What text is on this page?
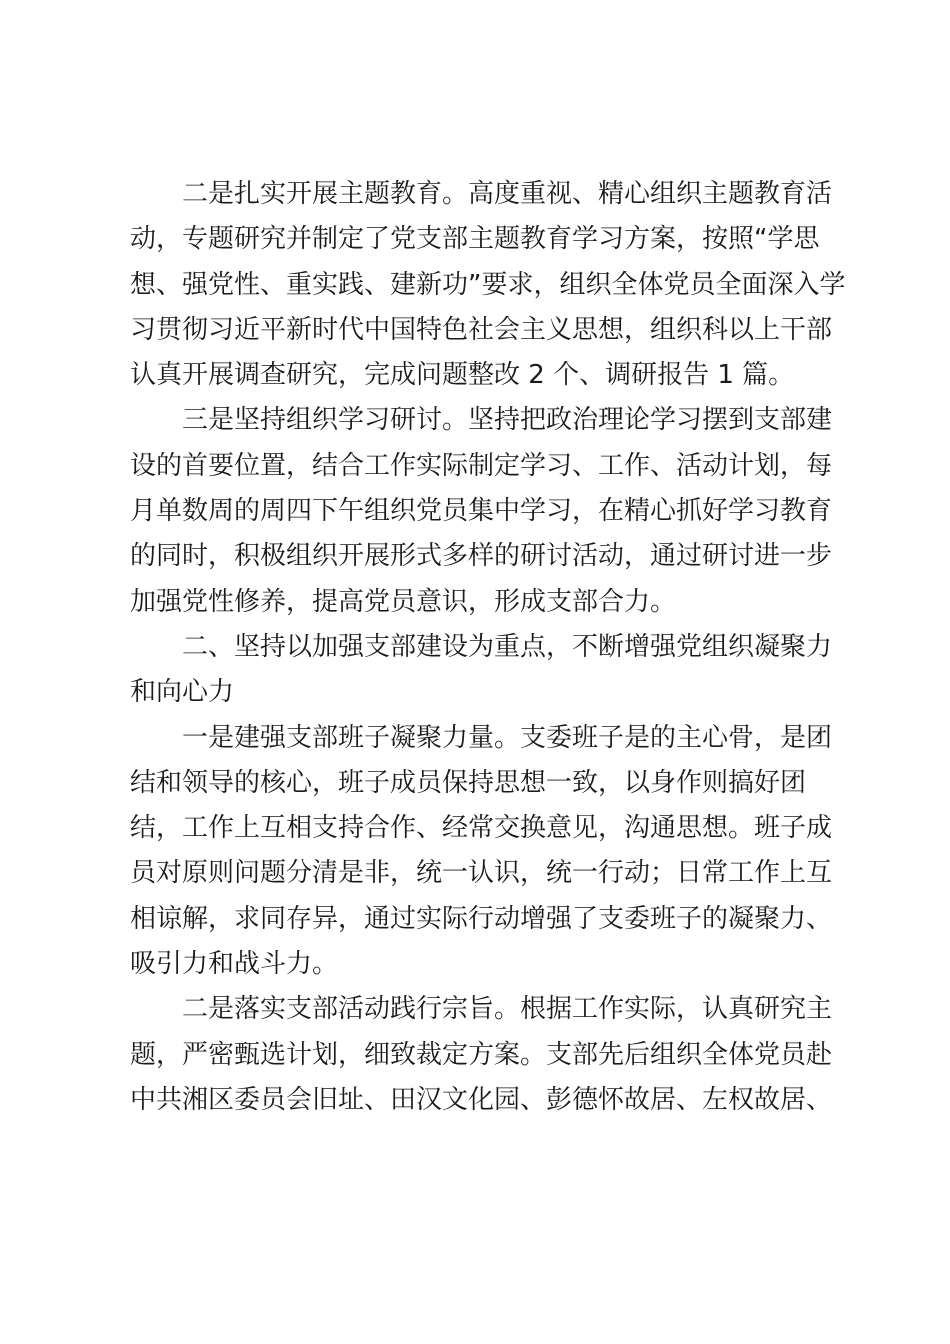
二是扎实开展主题教育。高度重视、精心组织主题教育活
动，专题研究并制定了党支部主题教育学习方案，按照“学思
想、强党性、重实践、建新功”要求，组织全体党员全面深入学
习贯彻习近平新时代中国特色社会主义思想，组织科以上干部
认真开展调查研究，完成问题整改 2 个、调研报告 1 篇。
三是坚持组织学习研讨。坚持把政治理论学习摆到支部建
设的首要位置，结合工作实际制定学习、工作、活动计划，每
月单数周的周四下午组织党员集中学习，在精心抓好学习教育
的同时，积极组织开展形式多样的研讨活动，通过研讨进一步
加强党性修养，提高党员意识，形成支部合力。
二、坚持以加强支部建设为重点，不断增强党组织凝聚力
和向心力
一是建强支部班子凝聚力量。支委班子是的主心骨，是团
结和领导的核心，班子成员保持思想一致，以身作则搞好团
结，工作上互相支持合作、经常交换意见，沟通思想。班子成
员对原则问题分清是非，统一认识，统一行动；日常工作上互
相谅解，求同存异，通过实际行动增强了支委班子的凝聚力、
吸引力和战斗力。
二是落实支部活动践行宗旨。根据工作实际，认真研究主
题，严密甄选计划，细致裁定方案。支部先后组织全体党员赴
中共湘区委员会旧址、田汉文化园、彭德怀故居、左权故居、
